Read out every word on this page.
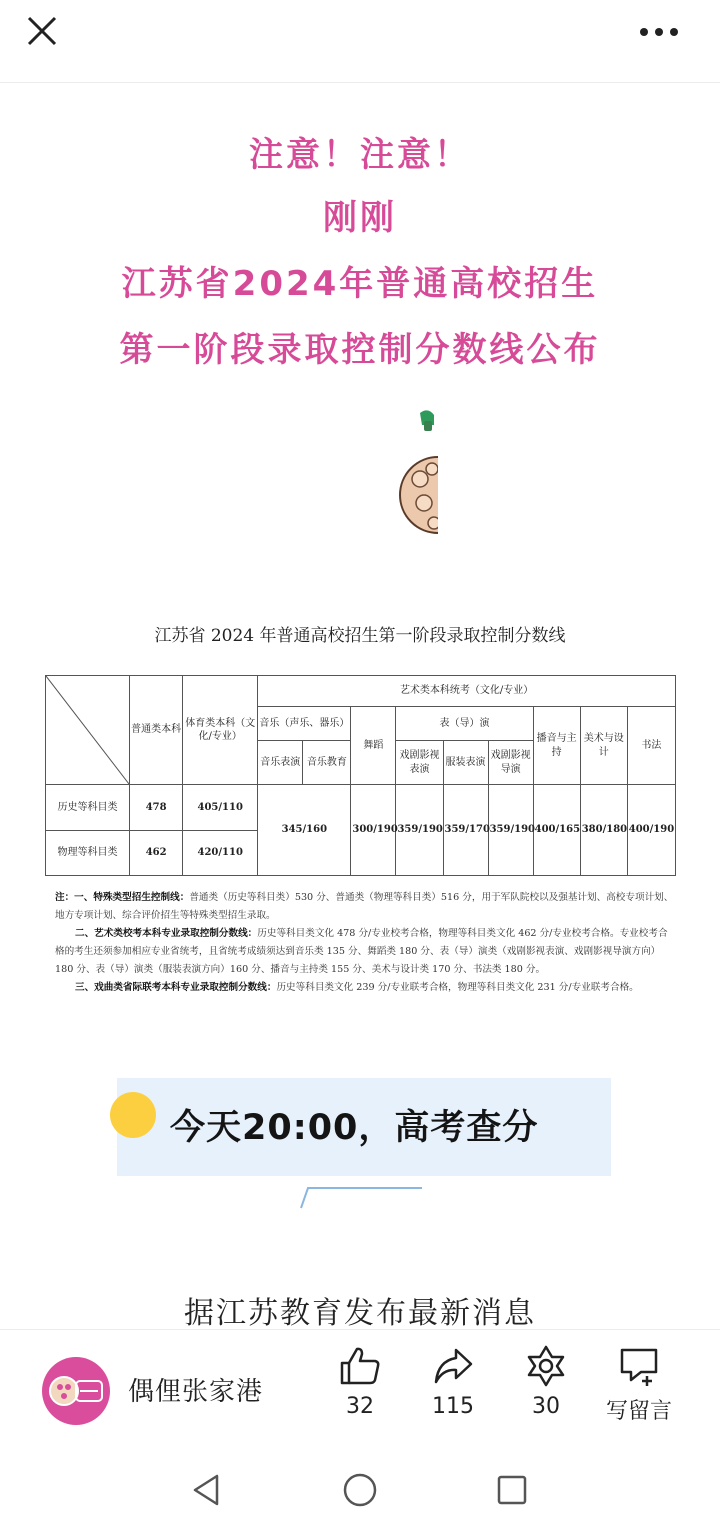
注意！注意！
刚刚
江苏省2024年普通高校招生
第一阶段录取控制分数线公布
江苏省 2024 年普通高校招生第一阶段录取控制分数线
	普通类本科	体育类本科（文化/专业）	艺术类本科统考（文化/专业）								
			音乐（声乐、器乐）		舞蹈	表（导）演			播音与主持	美术与设计	书法
			音乐表演	音乐教育		戏剧影视表演	服装表演	戏剧影视导演			
历史等科目类	478	405/110	345/160		300/190	359/190	359/170	359/190	400/165	380/180	400/190
物理等科目类	462	420/110									

注：一、特殊类型招生控制线：普通类（历史等科目类）530 分、普通类（物理等科目类）516 分，用于军队院校以及强基计划、高校专项计划、地方专项计划、综合评价招生等特殊类型招生录取。

二、艺术类校考本科专业录取控制分数线：历史等科目类文化 478 分/专业校考合格，物理等科目类文化 462 分/专业校考合格。专业校考合格的考生还须参加相应专业省统考，且省统考成绩须达到音乐类 135 分、舞蹈类 180 分、表（导）演类（戏剧影视表演、戏剧影视导演方向）180 分、表（导）演类（服装表演方向）160 分、播音与主持类 155 分、美术与设计类 170 分、书法类 180 分。

三、戏曲类省际联考本科专业录取控制分数线：历史等科目类文化 239 分/专业联考合格，物理等科目类文化 231 分/专业联考合格。

今天20:00，高考查分
据江苏教育发布最新消息
偶俚张家港	32	115	30	写留言
